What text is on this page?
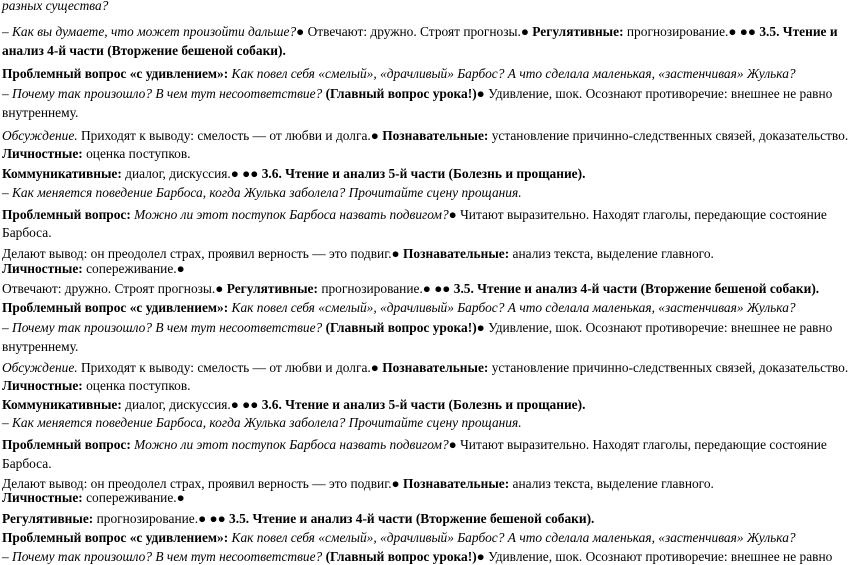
разных существа?
– Как вы думаете, что может произойти дальше?● Отвечают: дружно. Строят прогнозы.● Регулятивные: прогнозирование.● ●● 3.5. Чтение и
анализ 4-й части (Вторжение бешеной собаки).
Проблемный вопрос «с удивлением»: Как повел себя «смелый», «драчливый» Барбос? А что сделала маленькая, «застенчивая» Жулька?
– Почему так произошло? В чем тут несоответствие? (Главный вопрос урока!)● Удивление, шок. Осознают противоречие: внешнее не равно
внутреннему.
Обсуждение. Приходят к выводу: смелость — от любви и долга.● Познавательные: установление причинно-следственных связей, доказательство.
Личностные: оценка поступков.
Коммуникативные: диалог, дискуссия.● ●● 3.6. Чтение и анализ 5-й части (Болезнь и прощание).
– Как меняется поведение Барбоса, когда Жулька заболела? Прочитайте сцену прощания.
Проблемный вопрос: Можно ли этот поступок Барбоса назвать подвигом?● Читают выразительно. Находят глаголы, передающие состояние
Барбоса.
Делают вывод: он преодолел страх, проявил верность — это подвиг.● Познавательные: анализ текста, выделение главного.
Личностные: сопереживание.●
Отвечают: дружно. Строят прогнозы.● Регулятивные: прогнозирование.● ●● 3.5. Чтение и анализ 4-й части (Вторжение бешеной собаки).
Проблемный вопрос «с удивлением»: Как повел себя «смелый», «драчливый» Барбос? А что сделала маленькая, «застенчивая» Жулька?
– Почему так произошло? В чем тут несоответствие? (Главный вопрос урока!)● Удивление, шок. Осознают противоречие: внешнее не равно
внутреннему.
Обсуждение. Приходят к выводу: смелость — от любви и долга.● Познавательные: установление причинно-следственных связей, доказательство.
Личностные: оценка поступков.
Коммуникативные: диалог, дискуссия.● ●● 3.6. Чтение и анализ 5-й части (Болезнь и прощание).
– Как меняется поведение Барбоса, когда Жулька заболела? Прочитайте сцену прощания.
Проблемный вопрос: Можно ли этот поступок Барбоса назвать подвигом?● Читают выразительно. Находят глаголы, передающие состояние
Барбоса.
Делают вывод: он преодолел страх, проявил верность — это подвиг.● Познавательные: анализ текста, выделение главного.
Личностные: сопереживание.●
Регулятивные: прогнозирование.● ●● 3.5. Чтение и анализ 4-й части (Вторжение бешеной собаки).
Проблемный вопрос «с удивлением»: Как повел себя «смелый», «драчливый» Барбос? А что сделала маленькая, «застенчивая» Жулька?
– Почему так произошло? В чем тут несоответствие? (Главный вопрос урока!)● Удивление, шок. Осознают противоречие: внешнее не равно
